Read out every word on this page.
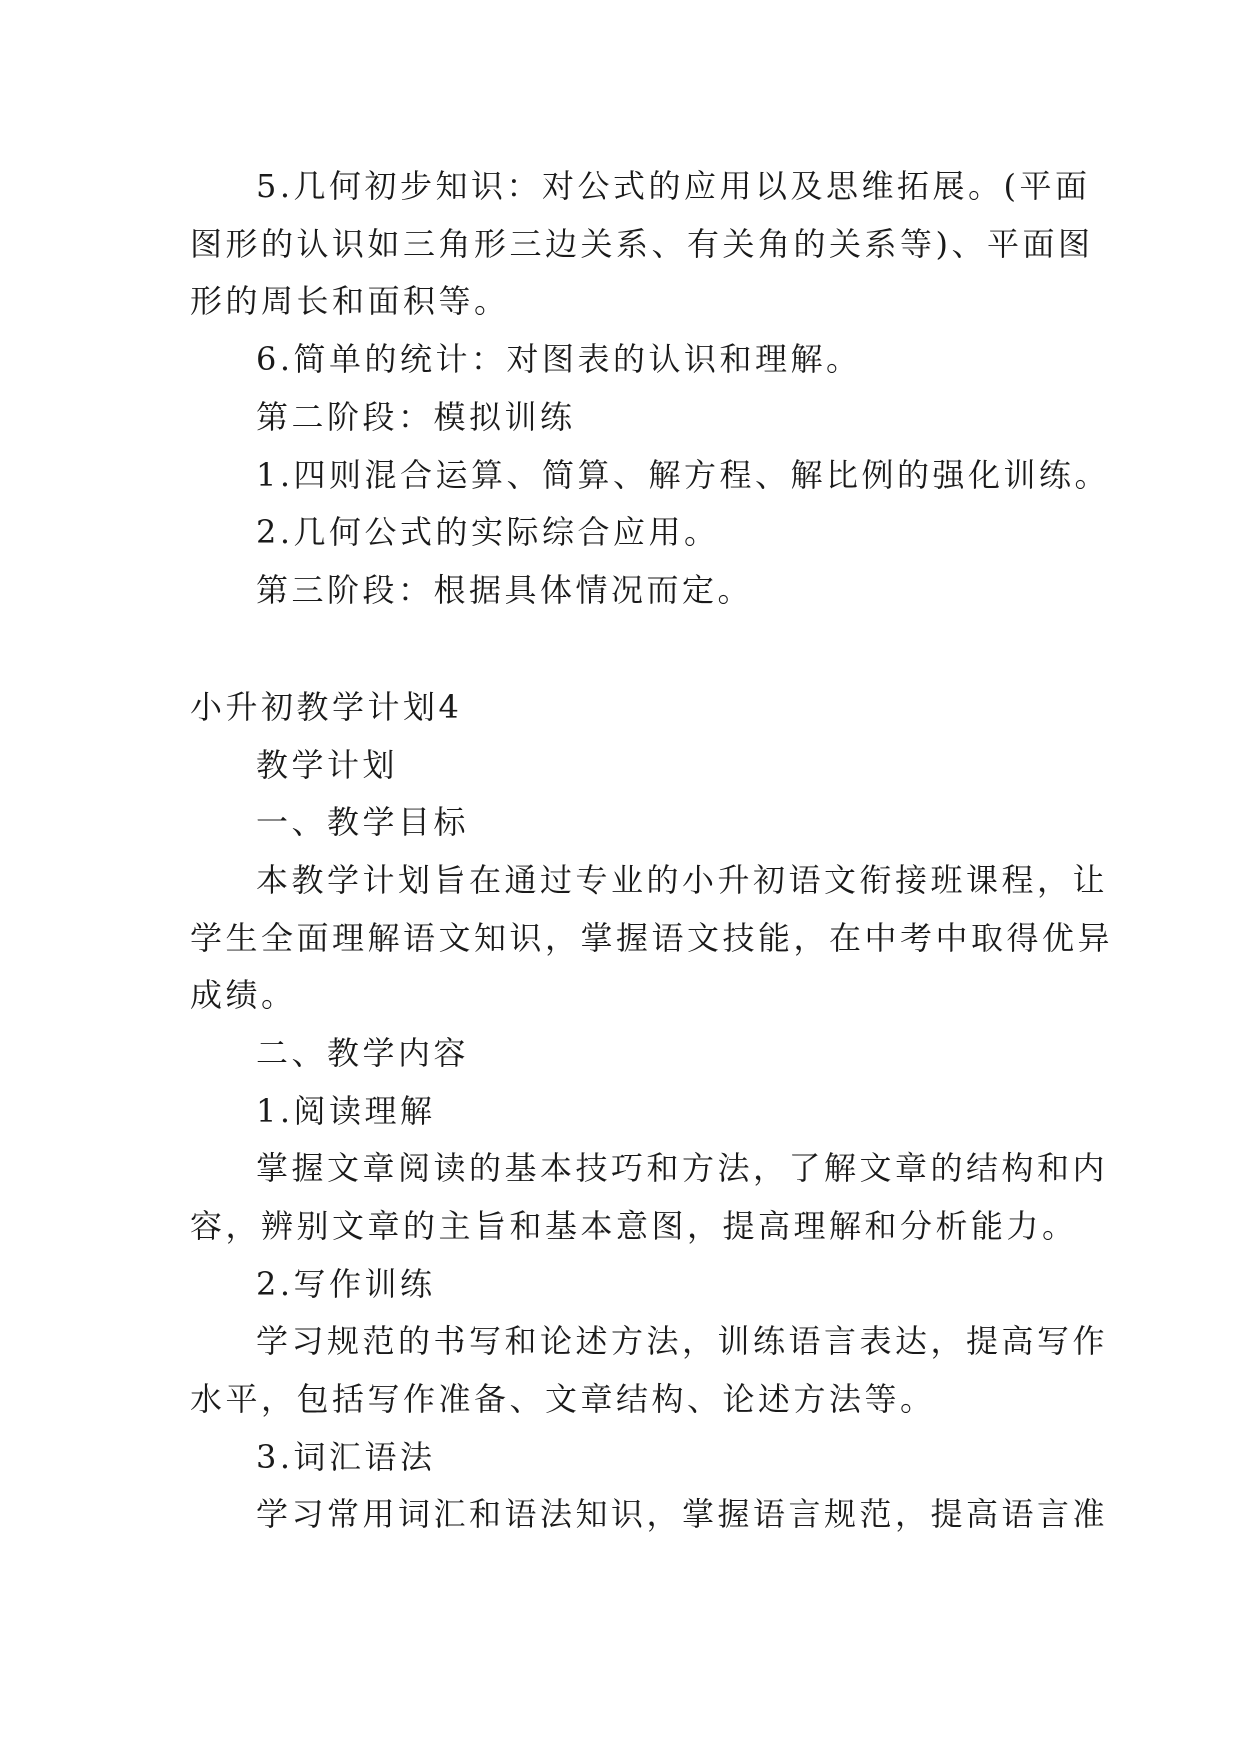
5.几何初步知识：对公式的应用以及思维拓展。(平面
图形的认识如三角形三边关系、有关角的关系等)、平面图
形的周长和面积等。
6.简单的统计：对图表的认识和理解。
第二阶段：模拟训练
1.四则混合运算、简算、解方程、解比例的强化训练。
2.几何公式的实际综合应用。
第三阶段：根据具体情况而定。
小升初教学计划4
教学计划
一、教学目标
本教学计划旨在通过专业的小升初语文衔接班课程，让
学生全面理解语文知识，掌握语文技能，在中考中取得优异
成绩。
二、教学内容
1.阅读理解
掌握文章阅读的基本技巧和方法，了解文章的结构和内
容，辨别文章的主旨和基本意图，提高理解和分析能力。
2.写作训练
学习规范的书写和论述方法，训练语言表达，提高写作
水平，包括写作准备、文章结构、论述方法等。
3.词汇语法
学习常用词汇和语法知识，掌握语言规范，提高语言准
